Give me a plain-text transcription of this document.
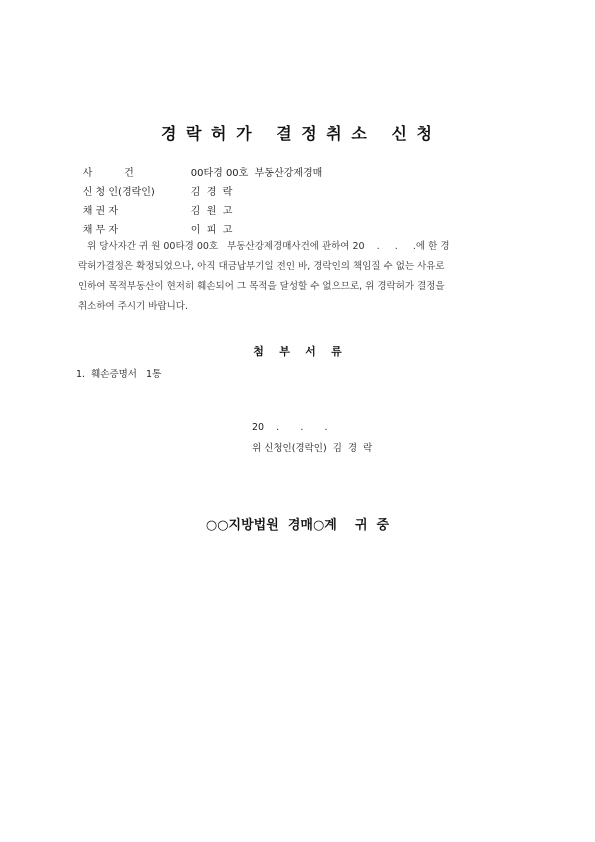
경 락 허 가   결 정 취 소   신 청

사          건	00타경 00호  부동산강제경매

신 청 인(경락인)	김  경  락

채 권 자	김  원  고

채 무 자	이  피  고

위 당사자간 귀 원 00타경 00호   부동산강제경매사건에 관하여 20    .     .     .에 한 경
락허가결정은 확정되었으나, 아직 대금납부기일 전인 바, 경락인의 책임질 수 없는 사유로
인하여 목적부동산이 현저히 훼손되어 그 목적을 달성할 수 없으므로, 위 경락허가 결정을
취소하여 주시기 바랍니다.
첨    부    서    류
1.  훼손증명서   1통
20    .       .       .
위 신청인(경락인)  김  경  락
○○지방법원  경매○계    귀  중
